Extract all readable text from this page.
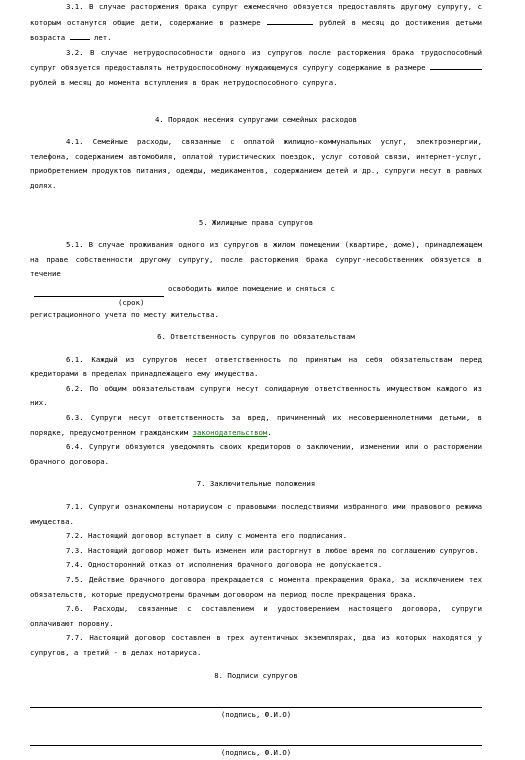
3.1. В случае расторжения брака супруг ежемесячно обязуется предоставлять другому супругу, с которым останутся общие дети, содержание в размере	рублей в месяц до достижения детьми возраста	лет.

3.2. В случае нетрудоспособности одного из супругов после расторжения брака трудоспособный супруг обязуется предоставлять нетрудоспособному нуждающемуся супругу содержание в размере  рублей в месяц до момента вступления в брак нетрудоспособного супруга.

4. Порядок несения супругами семейных расходов

4.1. Семейные расходы, связанные с оплатой жилищно-коммунальных услуг, электроэнергии, телефона, содержанием автомобиля, оплатой туристических поездок, услуг сотовой связи, интернет-услуг, приобретением продуктов питания, одежды, медикаментов, содержанием детей и др., супруги несут в равных долях.

5. Жилищные права супругов

5.1. В случае проживания одного из супругов в жилом помещении (квартире, доме), принадлежащем на праве собственности другому супругу, после расторжения брака супруг-несобственник обязуется в течение

освободить жилое помещение и сняться с
(срок)

регистрационного учета по месту жительства.

6. Ответственность супругов по обязательствам

6.1. Каждый из супругов несет ответственность по принятым на себя обязательствам перед кредиторами в пределах принадлежащего ему имущества.

6.2. По общим обязательствам супруги несут солидарную ответственность имуществом каждого из них.

6.3. Супруги несут ответственность за вред, причиненный их несовершеннолетними детьми, в порядке, предусмотренном гражданским законодательством.

6.4. Супруги обязуются уведомлять своих кредиторов о заключении, изменении или о расторжении брачного договора.

7. Заключительные положения

7.1. Супруги ознакомлены нотариусом с правовыми последствиями избранного ими правового режима имущества.

7.2. Настоящий договор вступает в силу с момента его подписания.

7.3. Настоящий договор может быть изменен или расторгнут в любое время по соглашению супругов.

7.4. Односторонний отказ от исполнения брачного договора не допускается.

7.5. Действие брачного договора прекращается с момента прекращения брака, за исключением тех обязательств, которые предусмотрены брачным договором на период после прекращения брака.

7.6. Расходы, связанные с составлением и удостоверением настоящего договора, супруги оплачивают поровну.

7.7. Настоящий договор составлен в трех аутентичных экземплярах, два из которых находятся у супругов, а третий - в делах нотариуса.

8. Подписи супругов

(подпись, Ф.И.О)
(подпись, Ф.И.О)
